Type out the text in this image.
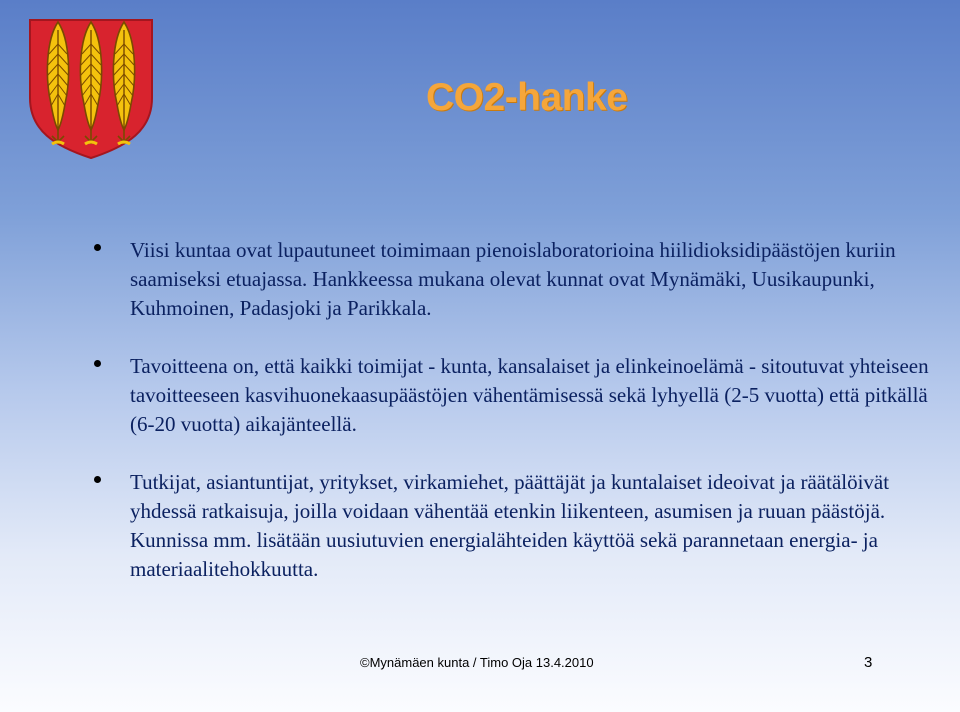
CO2-hanke
Viisi kuntaa ovat lupautuneet toimimaan pienoislaboratorioina hiilidioksidipäästöjen kuriin saamiseksi etuajassa. Hankkeessa mukana olevat kunnat ovat Mynämäki, Uusikaupunki, Kuhmoinen, Padasjoki ja Parikkala.
Tavoitteena on, että kaikki toimijat - kunta, kansalaiset ja elinkeinoelämä - sitoutuvat yhteiseen tavoitteeseen kasvihuonekaasupäästöjen vähentämisessä sekä lyhyellä (2-5 vuotta) että pitkällä (6-20 vuotta) aikajänteellä.
Tutkijat, asiantuntijat, yritykset, virkamiehet, päättäjät ja kuntalaiset ideoivat ja räätälöivät yhdessä ratkaisuja, joilla voidaan vähentää etenkin liikenteen, asumisen ja ruuan päästöjä. Kunnissa mm. lisätään uusiutuvien energialähteiden käyttöä sekä parannetaan energia- ja materiaalitehokkuutta.
©Mynämäen kunta / Timo Oja 13.4.2010	3
